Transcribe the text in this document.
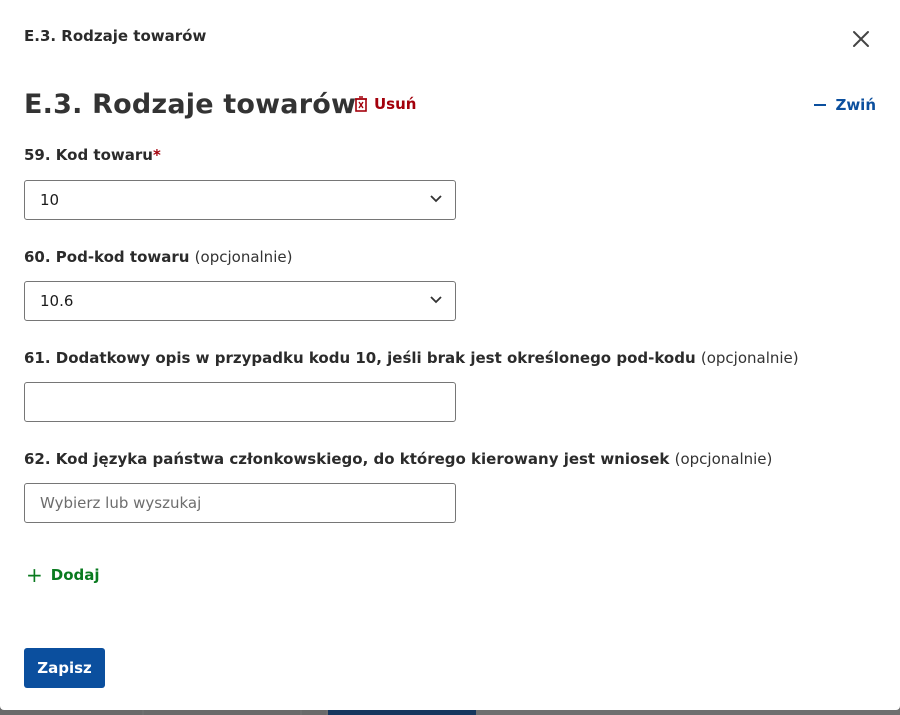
E.3. Rodzaje towarów
E.3. Rodzaje towarów Usuń	Zwiń
59. Kod towaru*
10
60. Pod-kod towaru (opcjonalnie)
10.6
61. Dodatkowy opis w przypadku kodu 10, jeśli brak jest określonego pod-kodu (opcjonalnie)
62. Kod języka państwa członkowskiego, do którego kierowany jest wniosek (opcjonalnie)
Wybierz lub wyszukaj
+ Dodaj
Zapisz
